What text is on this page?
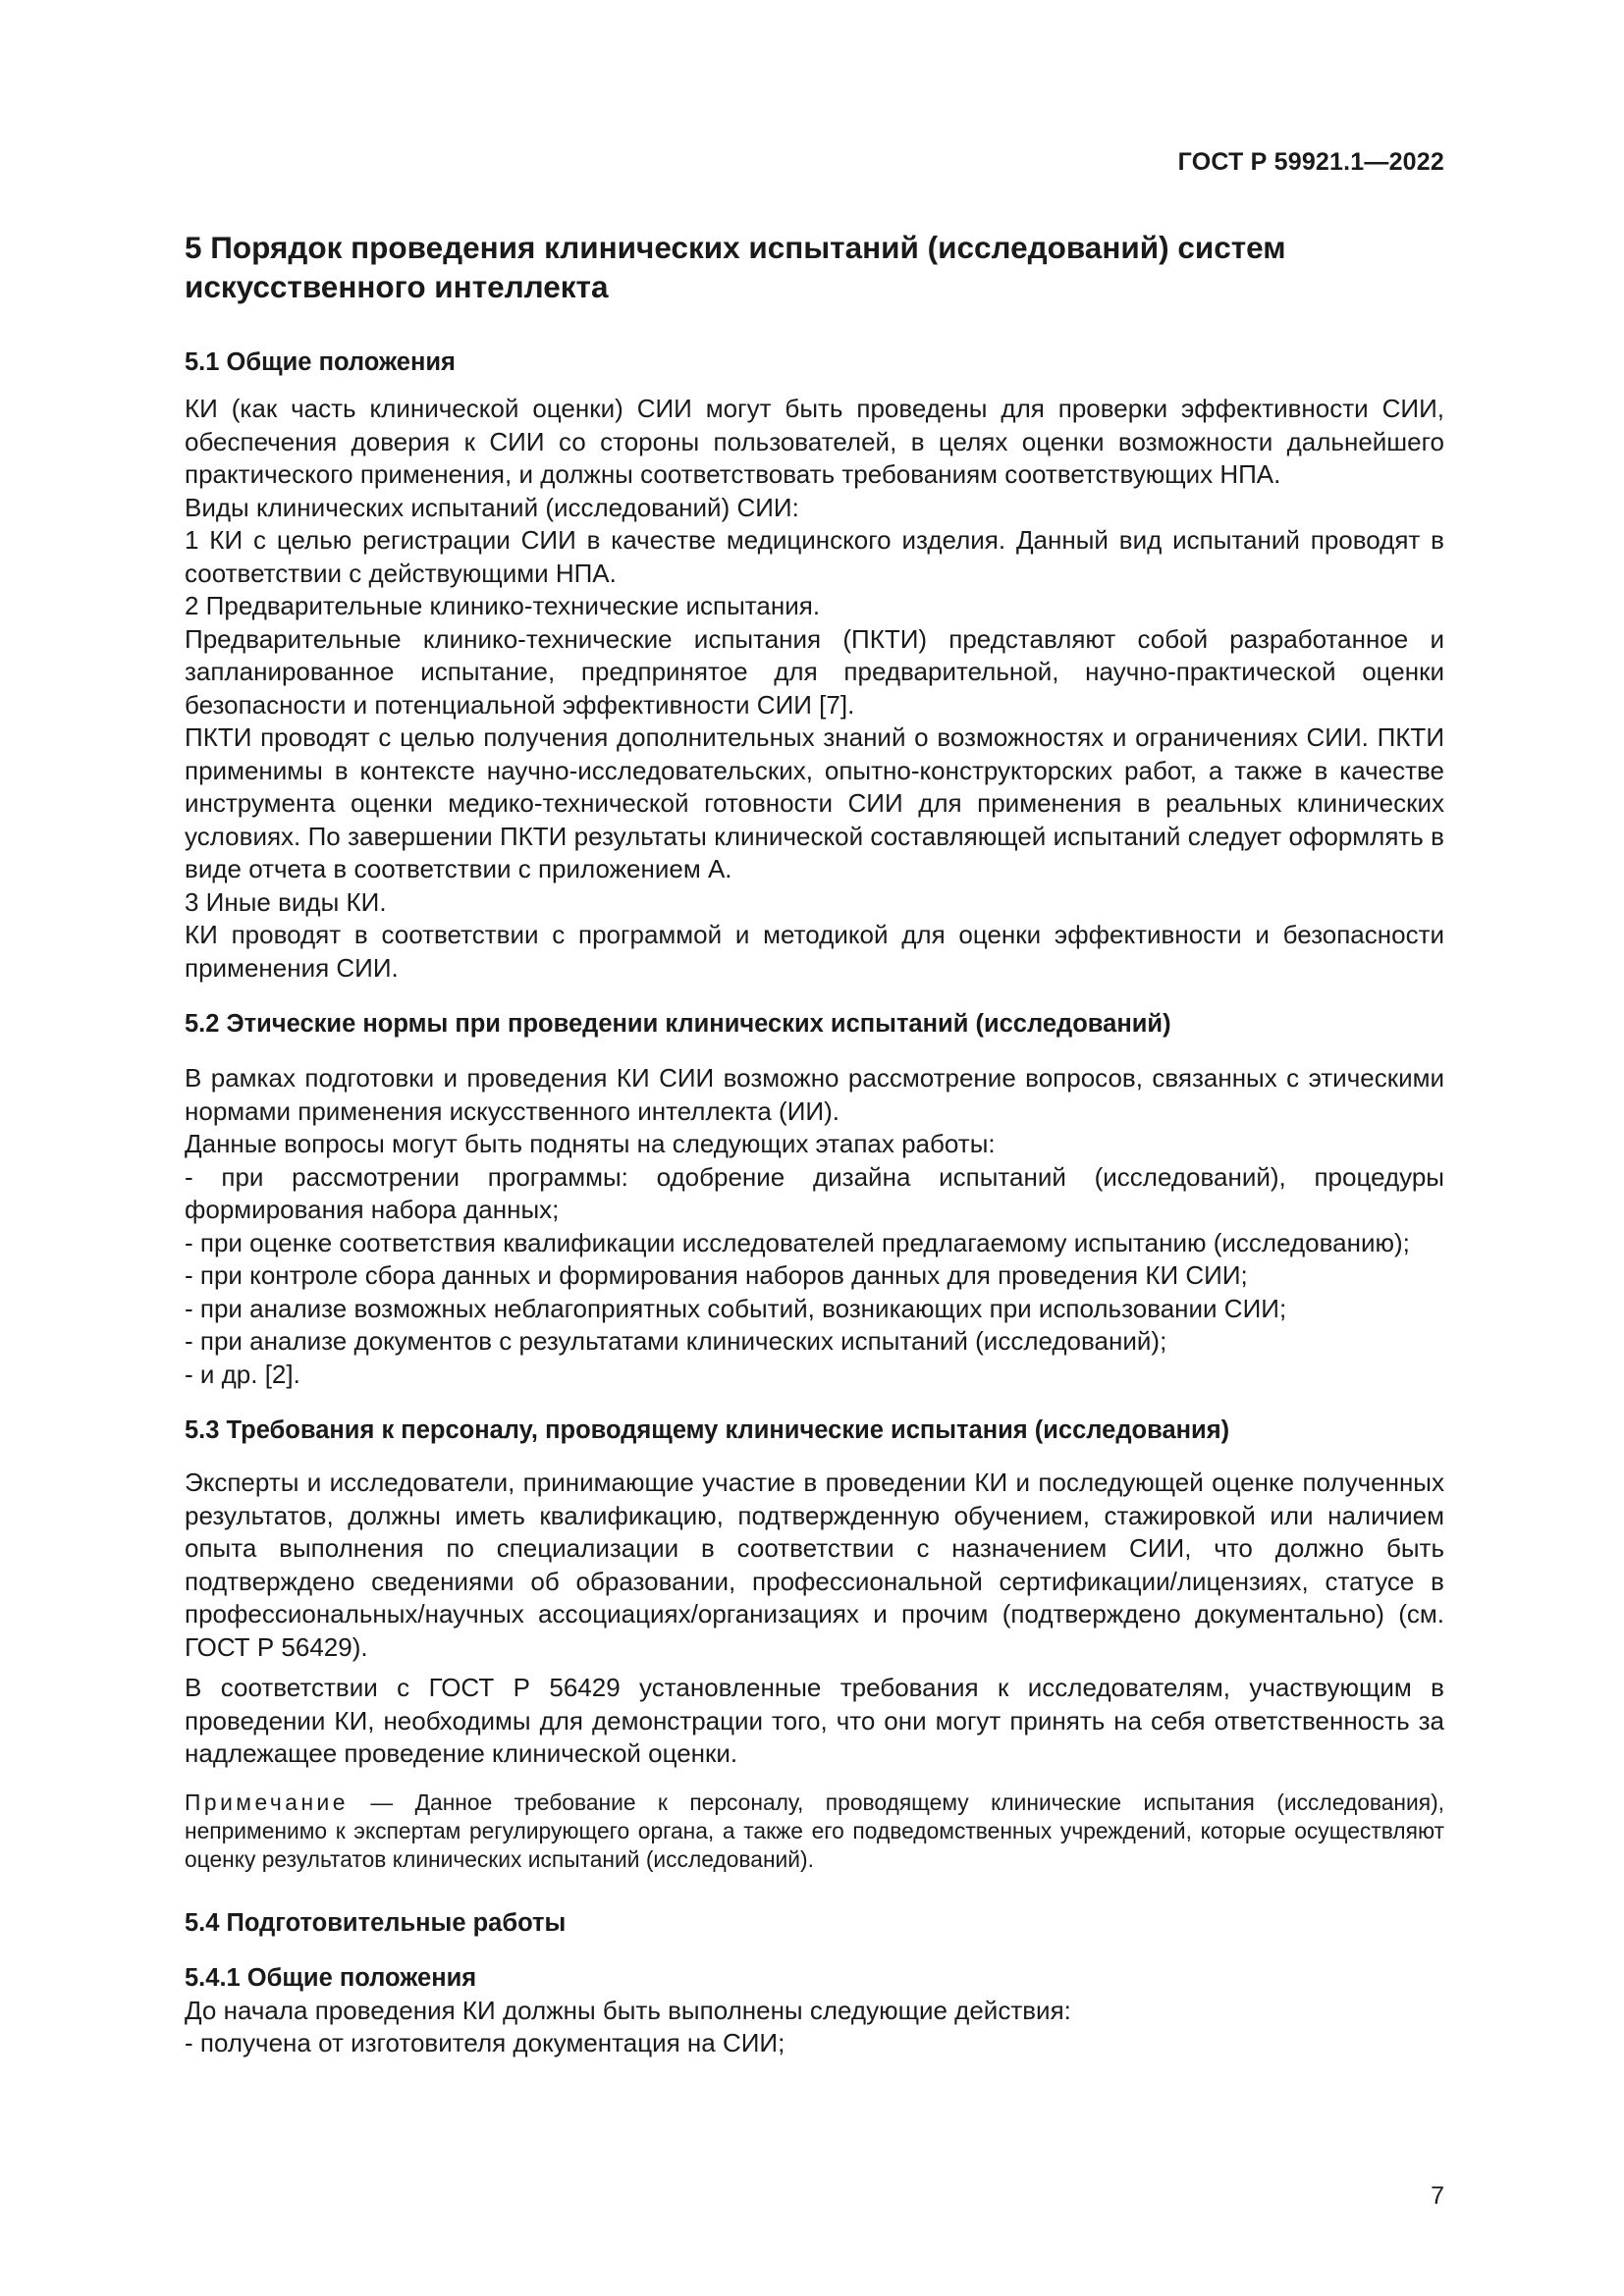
ГОСТ Р 59921.1—2022
5 Порядок проведения клинических испытаний (исследований) систем искусственного интеллекта
5.1 Общие положения

КИ (как часть клинической оценки) СИИ могут быть проведены для проверки эффективности СИИ, обеспечения доверия к СИИ со стороны пользователей, в целях оценки возможности дальнейшего практического применения, и должны соответствовать требованиям соответствующих НПА.

Виды клинических испытаний (исследований) СИИ:

1 КИ с целью регистрации СИИ в качестве медицинского изделия. Данный вид испытаний проводят в соответствии с действующими НПА.

2 Предварительные клинико-технические испытания.

Предварительные клинико-технические испытания (ПКТИ) представляют собой разработанное и запланированное испытание, предпринятое для предварительной, научно-практической оценки безопасности и потенциальной эффективности СИИ [7].

ПКТИ проводят с целью получения дополнительных знаний о возможностях и ограничениях СИИ. ПКТИ применимы в контексте научно-исследовательских, опытно-конструкторских работ, а также в качестве инструмента оценки медико-технической готовности СИИ для применения в реальных клинических условиях. По завершении ПКТИ результаты клинической составляющей испытаний следует оформлять в виде отчета в соответствии с приложением А.

3 Иные виды КИ.

КИ проводят в соответствии с программой и методикой для оценки эффективности и безопасности применения СИИ.

5.2 Этические нормы при проведении клинических испытаний (исследований)

В рамках подготовки и проведения КИ СИИ возможно рассмотрение вопросов, связанных с этическими нормами применения искусственного интеллекта (ИИ).

Данные вопросы могут быть подняты на следующих этапах работы:

- при рассмотрении программы: одобрение дизайна испытаний (исследований), процедуры формирования набора данных;

- при оценке соответствия квалификации исследователей предлагаемому испытанию (исследованию);

- при контроле сбора данных и формирования наборов данных для проведения КИ СИИ;

- при анализе возможных неблагоприятных событий, возникающих при использовании СИИ;

- при анализе документов с результатами клинических испытаний (исследований);

- и др. [2].

5.3 Требования к персоналу, проводящему клинические испытания (исследования)

Эксперты и исследователи, принимающие участие в проведении КИ и последующей оценке полученных результатов, должны иметь квалификацию, подтвержденную обучением, стажировкой или наличием опыта выполнения по специализации в соответствии с назначением СИИ, что должно быть подтверждено сведениями об образовании, профессиональной сертификации/лицензиях, статусе в профессиональных/научных ассоциациях/организациях и прочим (подтверждено документально) (см. ГОСТ Р 56429).

В соответствии с ГОСТ Р 56429 установленные требования к исследователям, участвующим в проведении КИ, необходимы для демонстрации того, что они могут принять на себя ответственность за надлежащее проведение клинической оценки.

Примечание — Данное требование к персоналу, проводящему клинические испытания (исследования), неприменимо к экспертам регулирующего органа, а также его подведомственных учреждений, которые осуществляют оценку результатов клинических испытаний (исследований).

5.4 Подготовительные работы
5.4.1 Общие положения

До начала проведения КИ должны быть выполнены следующие действия:

- получена от изготовителя документация на СИИ;

7
